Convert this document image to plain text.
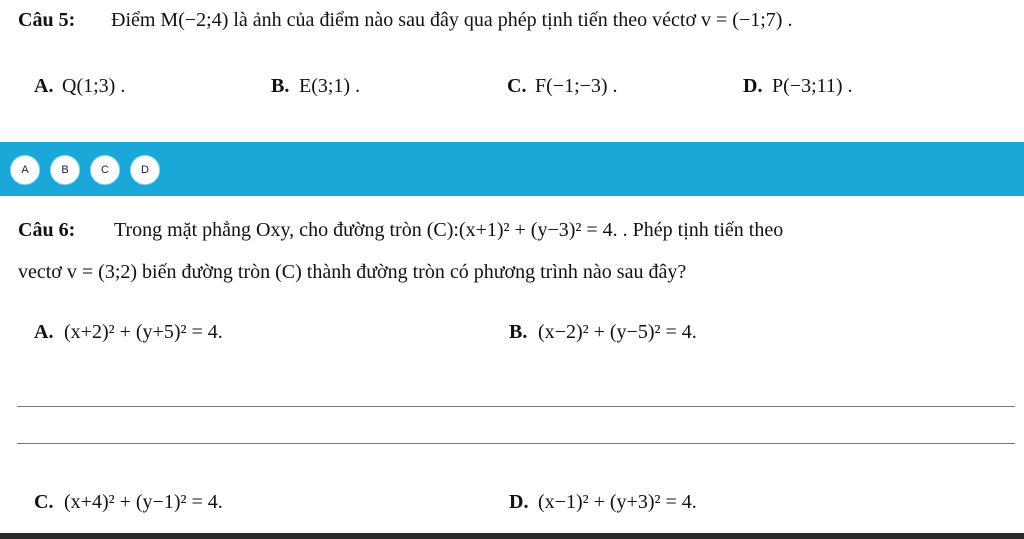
Câu 5: Điểm M(−2;4) là ảnh của điểm nào sau đây qua phép tịnh tiến theo véctơ v = (−1;7) .
A. Q(1;3) .	B. E(3;1) .	C. F(−1;−3) .	D. P(−3;11) .
A	B	C	D
Câu 6: Trong mặt phẳng Oxy, cho đường tròn (C):(x+1)² + (y−3)² = 4. . Phép tịnh tiến theo
vectơ v = (3;2) biến đường tròn (C) thành đường tròn có phương trình nào sau đây?
A. (x+2)² + (y+5)² = 4.	B. (x−2)² + (y−5)² = 4.
C. (x+4)² + (y−1)² = 4.	D. (x−1)² + (y+3)² = 4.
